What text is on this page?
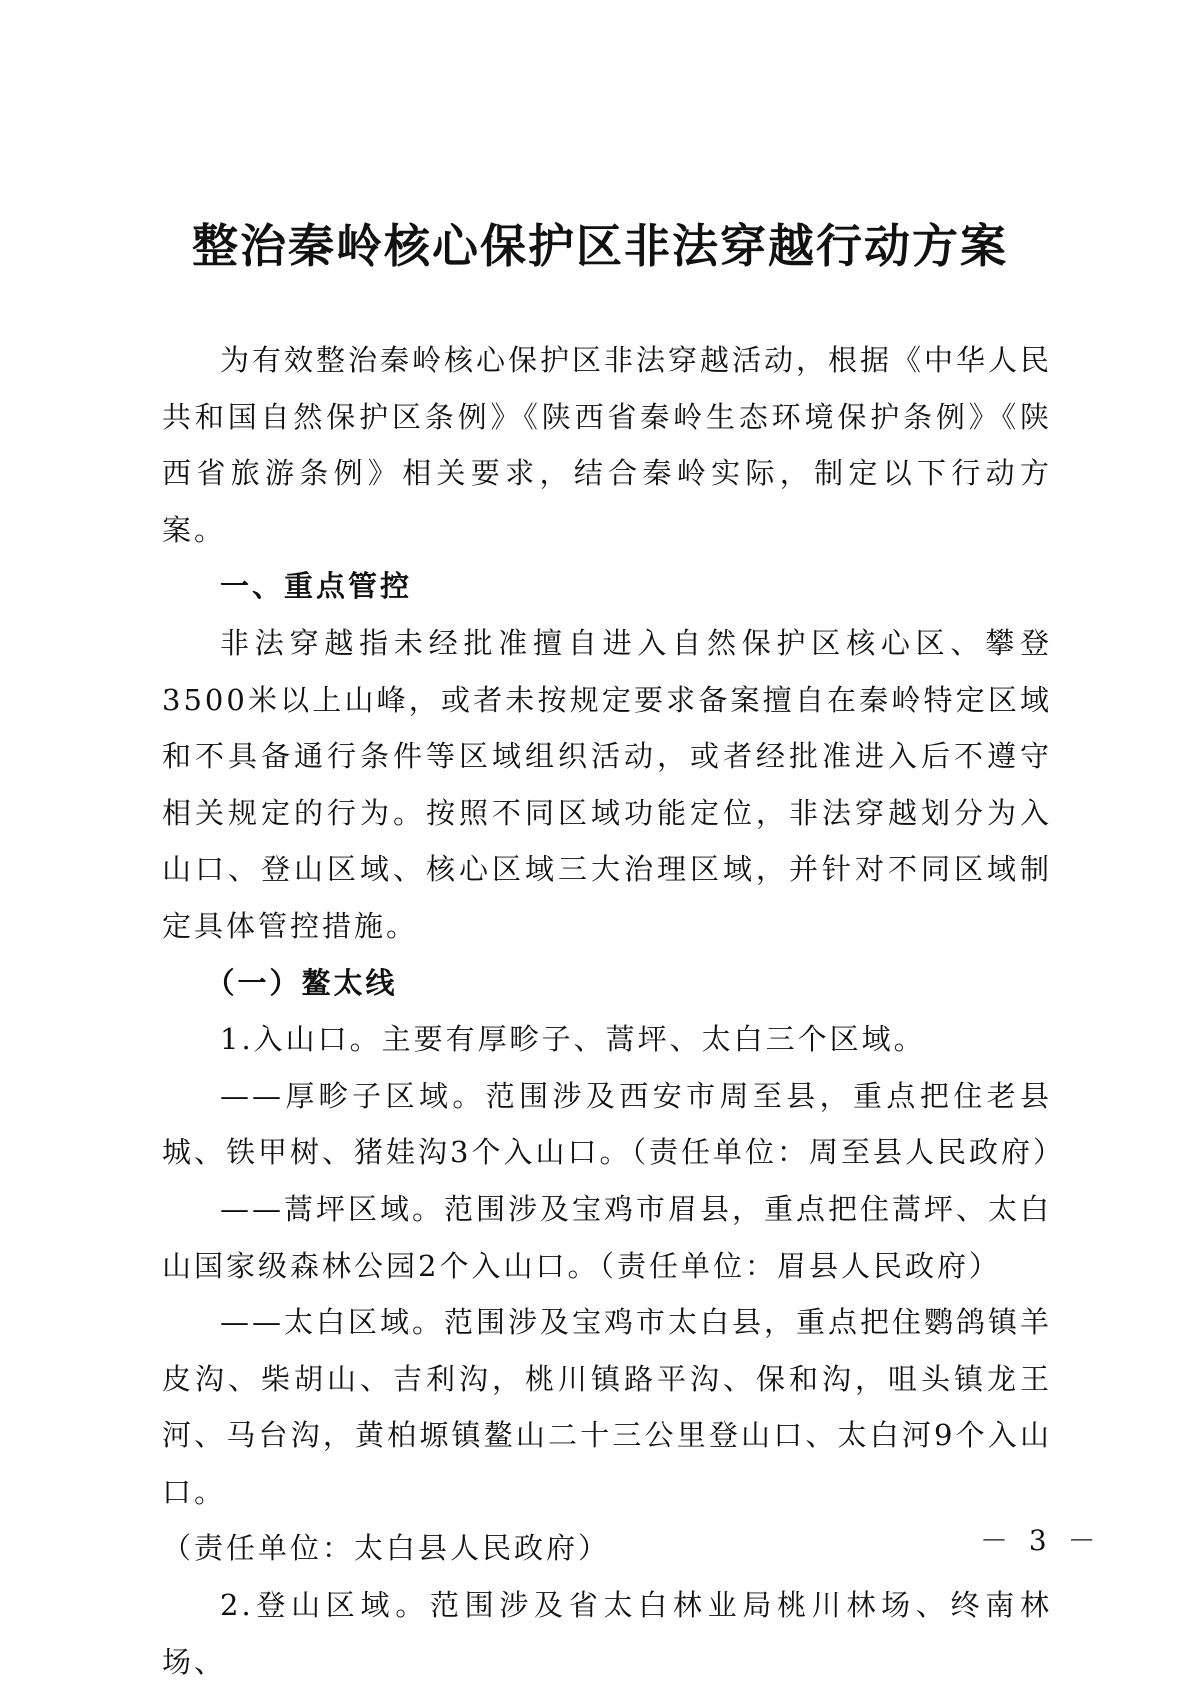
整治秦岭核心保护区非法穿越行动方案

为有效整治秦岭核心保护区非法穿越活动，根据《中华人民共和国自然保护区条例》《陕西省秦岭生态环境保护条例》《陕西省旅游条例》相关要求，结合秦岭实际，制定以下行动方案。

一、重点管控

非法穿越指未经批准擅自进入自然保护区核心区、攀登3500米以上山峰，或者未按规定要求备案擅自在秦岭特定区域和不具备通行条件等区域组织活动，或者经批准进入后不遵守相关规定的行为。按照不同区域功能定位，非法穿越划分为入山口、登山区域、核心区域三大治理区域，并针对不同区域制定具体管控措施。

（一）鳌太线

1.入山口。主要有厚畛子、蒿坪、太白三个区域。

——厚畛子区域。范围涉及西安市周至县，重点把住老县城、铁甲树、猪娃沟3个入山口。（责任单位：周至县人民政府）

——蒿坪区域。范围涉及宝鸡市眉县，重点把住蒿坪、太白山国家级森林公园2个入山口。（责任单位：眉县人民政府）

——太白区域。范围涉及宝鸡市太白县，重点把住鹦鸽镇羊皮沟、柴胡山、吉利沟，桃川镇路平沟、保和沟，咀头镇龙王河、马台沟，黄柏塬镇鳌山二十三公里登山口、太白河9个入山口。

（责任单位：太白县人民政府）

2.登山区域。范围涉及省太白林业局桃川林场、终南林场、

－ 3 －
